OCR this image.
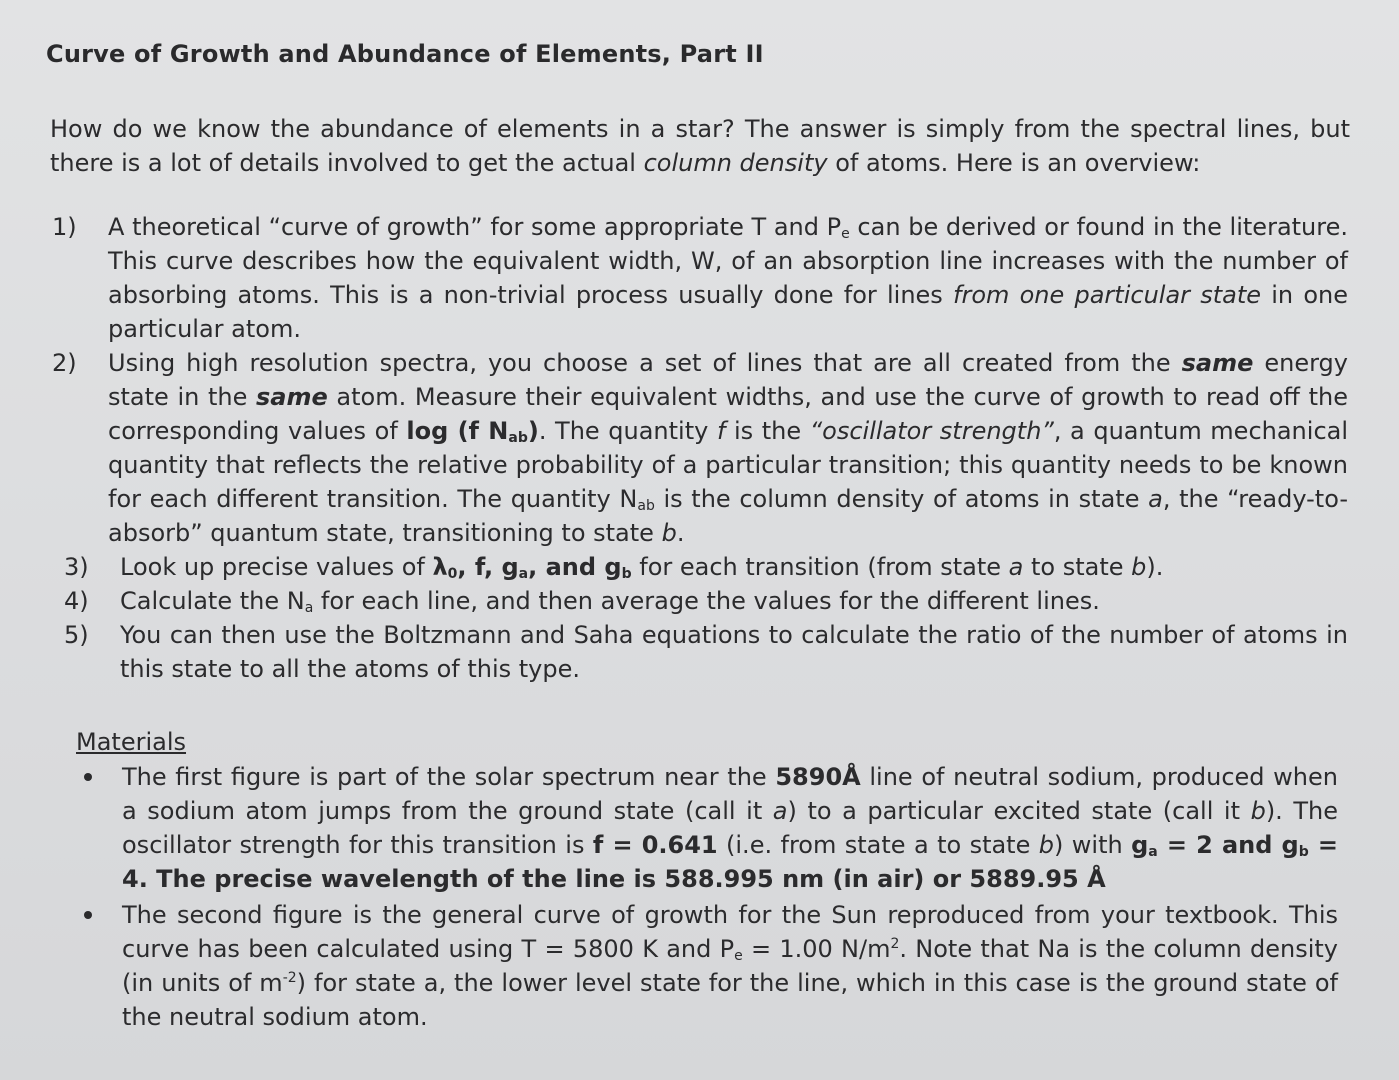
Curve of Growth and Abundance of Elements, Part II

How do we know the abundance of elements in a star? The answer is simply from the spectral lines, but there is a lot of details involved to get the actual column density of atoms. Here is an overview:

1) A theoretical “curve of growth” for some appropriate T and $P_e$ can be derived or found in the literature. This curve describes how the equivalent width, W, of an absorption line increases with the number of absorbing atoms. This is a non-trivial process usually done for lines from one particular state in one particular atom.
2) Using high resolution spectra, you choose a set of lines that are all created from the same energy state in the same atom. Measure their equivalent widths, and use the curve of growth to read off the corresponding values of log (f $N_{ab}$). The quantity f is the “oscillator strength”, a quantum mechanical quantity that reflects the relative probability of a particular transition; this quantity needs to be known for each different transition. The quantity $N_{ab}$ is the column density of atoms in state a, the “ready-to-absorb” quantum state, transitioning to state b.
3) Look up precise values of $\lambda_0$, f, $g_a$, and $g_b$ for each transition (from state a to state b).
4) Calculate the $N_a$ for each line, and then average the values for the different lines.
5) You can then use the Boltzmann and Saha equations to calculate the ratio of the number of atoms in this state to all the atoms of this type.
Materials
The first figure is part of the solar spectrum near the 5890Å line of neutral sodium, produced when a sodium atom jumps from the ground state (call it a) to a particular excited state (call it b). The oscillator strength for this transition is f = 0.641 (i.e. from state a to state b) with $g_a = 2$ and $g_b = 4$. The precise wavelength of the line is 588.995 nm (in air) or 5889.95 Å
The second figure is the general curve of growth for the Sun reproduced from your textbook. This curve has been calculated using T = 5800 K and $P_e = 1.00$ $N/m^2$. Note that Na is the column density (in units of $m^{-2}$) for state a, the lower level state for the line, which in this case is the ground state of the neutral sodium atom.
